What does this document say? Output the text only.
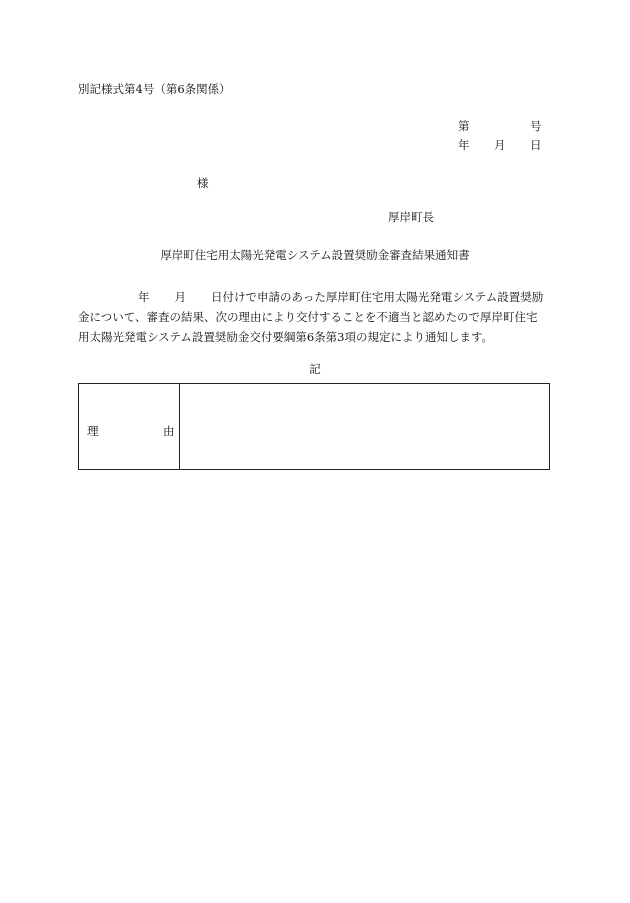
別記様式第4号（第6条関係）
第	号
年 月 日
様
厚岸町長
厚岸町住宅用太陽光発電システム設置奨励金審査結果通知書
年 月 日付けで申請のあった厚岸町住宅用太陽光発電システム設置奨励
金について、審査の結果、次の理由により交付することを不適当と認めたので厚岸町住宅
用太陽光発電システム設置奨励金交付要綱第6条第3項の規定により通知します。
記
理	由
